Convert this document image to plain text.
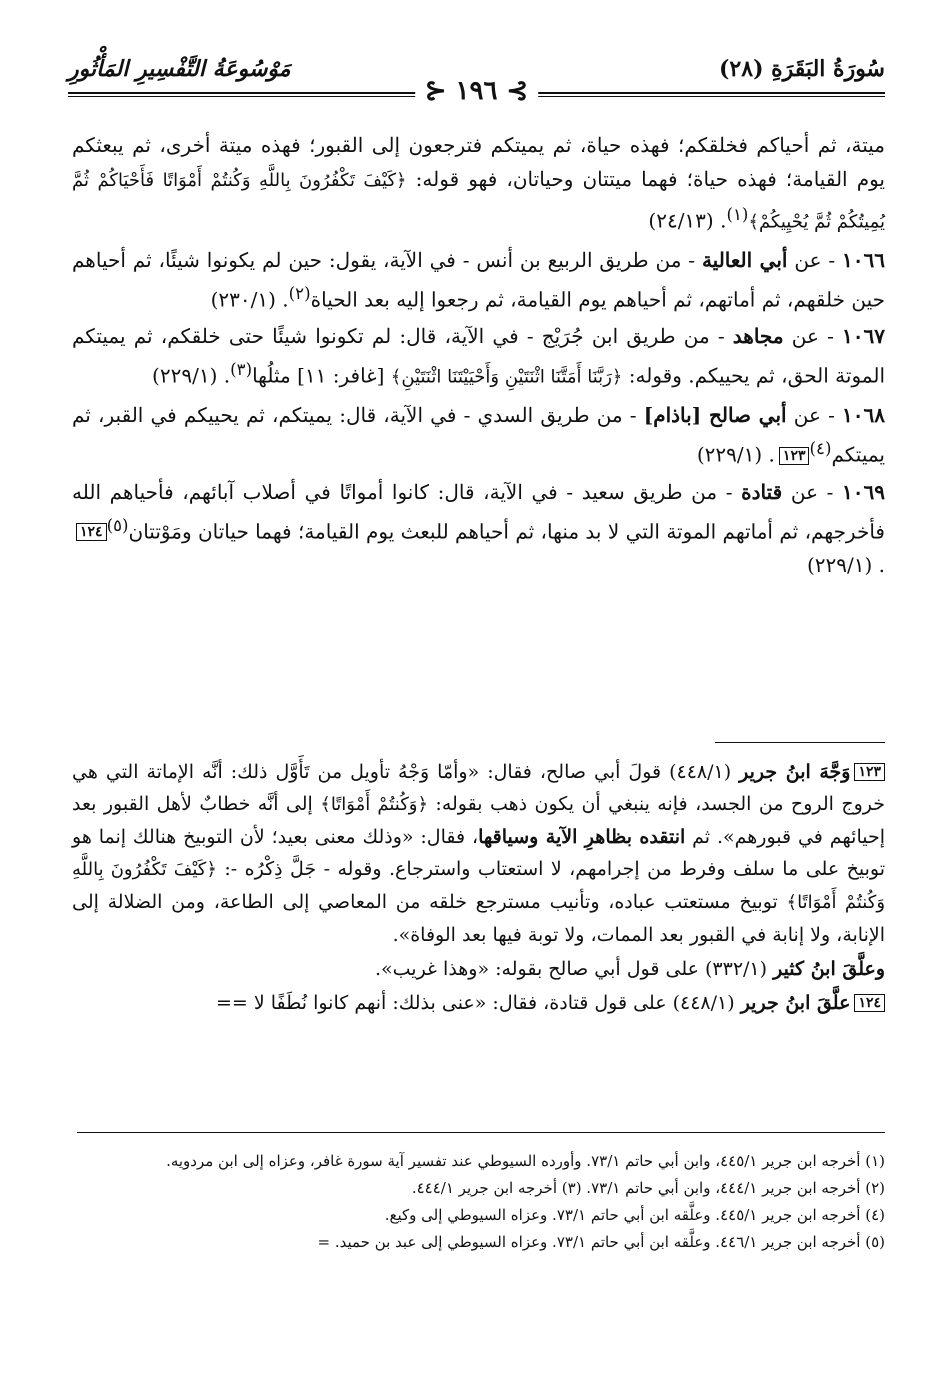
سُورَةُ البَقَرَةِ (٢٨)
مَوْسُوعَةُ التَّفْسِيرِ المَأْثُورِ
⊱ ١٩٦ ⊰

ميتة، ثم أحياكم فخلقكم؛ فهذه حياة، ثم يميتكم فترجعون إلى القبور؛ فهذه ميتة أخرى، ثم يبعثكم يوم القيامة؛ فهذه حياة؛ فهما ميتتان وحياتان، فهو قوله: ﴿كَيْفَ تَكْفُرُونَ بِاللَّهِ وَكُنتُمْ أَمْوَاتًا فَأَحْيَاكُمْ ثُمَّ يُمِيتُكُمْ ثُمَّ يُحْيِيكُمْ﴾$^{(١)}$. (٢٤/١٣)

١٠٦٦ - عن أبي العالية - من طريق الربيع بن أنس - في الآية، يقول: حين لم يكونوا شيئًا، ثم أحياهم حين خلقهم، ثم أماتهم، ثم أحياهم يوم القيامة، ثم رجعوا إليه بعد الحياة$^{(٢)}$. (٢٣٠/١)

١٠٦٧ - عن مجاهد - من طريق ابن جُرَيْج - في الآية، قال: لم تكونوا شيئًا حتى خلقكم، ثم يميتكم الموتة الحق، ثم يحييكم. وقوله: ﴿رَبَّنَا أَمَتَّنَا اثْنَتَيْنِ وَأَحْيَيْتَنَا اثْنَتَيْنِ﴾ [غافر: ١١] مثلُها$^{(٣)}$. (٢٢٩/١)

١٠٦٨ - عن أبي صالح [باذام] - من طريق السدي - في الآية، قال: يميتكم، ثم يحييكم في القبر، ثم يميتكم$^{(٤)}$١٢٣. (٢٢٩/١)

١٠٦٩ - عن قتادة - من طريق سعيد - في الآية، قال: كانوا أمواتًا في أصلاب آبائهم، فأحياهم الله فأخرجهم، ثم أماتهم الموتة التي لا بد منها، ثم أحياهم للبعث يوم القيامة؛ فهما حياتان ومَوْتتان$^{(٥)}$١٢٤. (٢٢٩/١)

١٢٣وَجَّهَ ابنُ جرير (٤٤٨/١) قولَ أبي صالح، فقال: «وأمّا وَجْهُ تأويل من تَأَوَّل ذلك: أنَّه الإماتة التي هي خروج الروح من الجسد، فإنه ينبغي أن يكون ذهب بقوله: ﴿وَكُنتُمْ أَمْوَاتًا﴾ إلى أنَّه خطابٌ لأهل القبور بعد إحيائهم في قبورهم». ثم انتقده بظاهرِ الآية وسياقها، فقال: «وذلك معنى بعيد؛ لأن التوبيخ هنالك إنما هو توبيخ على ما سلف وفرط من إجرامهم، لا استعتاب واسترجاع. وقوله - جَلَّ ذِكْرُه -: ﴿كَيْفَ تَكْفُرُونَ بِاللَّهِ وَكُنتُمْ أَمْوَاتًا﴾ توبيخ مستعتب عباده، وتأنيب مسترجع خلقه من المعاصي إلى الطاعة، ومن الضلالة إلى الإنابة، ولا إنابة في القبور بعد الممات، ولا توبة فيها بعد الوفاة».

وعلَّقَ ابنُ كثير (٣٣٢/١) على قول أبي صالح بقوله: «وهذا غريب».

١٢٤علَّقَ ابنُ جرير (٤٤٨/١) على قول قتادة، فقال: «عنى بذلك: أنهم كانوا نُطَفًا لا ==

(١) أخرجه ابن جرير ٤٤٥/١، وابن أبي حاتم ٧٣/١. وأورده السيوطي عند تفسير آية سورة غافر، وعزاه إلى ابن مردويه.

(٢) أخرجه ابن جرير ٤٤٤/١، وابن أبي حاتم ٧٣/١. (٣) أخرجه ابن جرير ٤٤٤/١.

(٤) أخرجه ابن جرير ٤٤٥/١. وعلَّقه ابن أبي حاتم ٧٣/١. وعزاه السيوطي إلى وكيع.

(٥) أخرجه ابن جرير ٤٤٦/١. وعلَّقه ابن أبي حاتم ٧٣/١. وعزاه السيوطي إلى عبد بن حميد. =
